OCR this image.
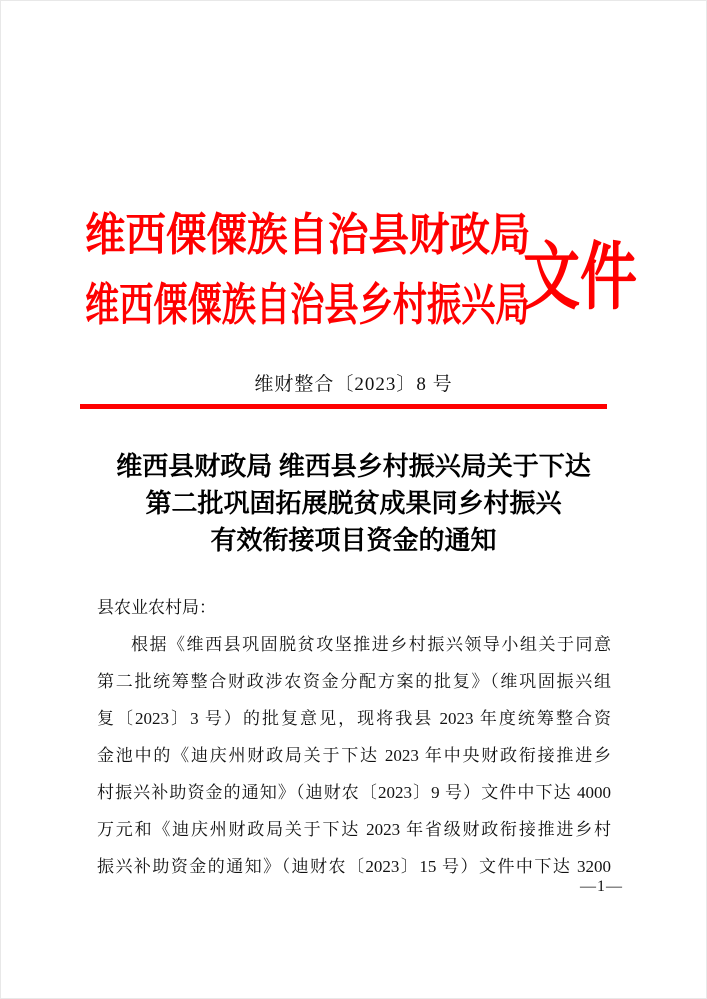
维西傈僳族自治县财政局
维西傈僳族自治县乡村振兴局
文件
维财整合〔2023〕8 号
维西县财政局 维西县乡村振兴局关于下达
第二批巩固拓展脱贫成果同乡村振兴
有效衔接项目资金的通知
县农业农村局：
根据《维西县巩固脱贫攻坚推进乡村振兴领导小组关于同意
第二批统筹整合财政涉农资金分配方案的批复》（维巩固振兴组
复〔2023〕3 号）的批复意见，现将我县 2023 年度统筹整合资
金池中的《迪庆州财政局关于下达 2023 年中央财政衔接推进乡
村振兴补助资金的通知》（迪财农〔2023〕9 号）文件中下达 4000
万元和《迪庆州财政局关于下达 2023 年省级财政衔接推进乡村
振兴补助资金的通知》（迪财农〔2023〕15 号）文件中下达 3200
—1—
